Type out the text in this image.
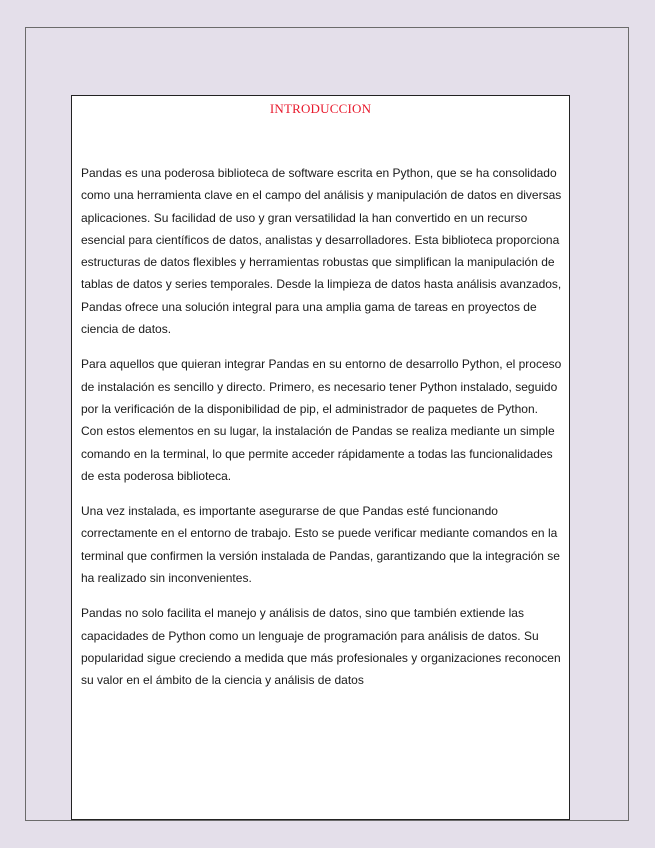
INTRODUCCION

Pandas es una poderosa biblioteca de software escrita en Python, que se ha consolidado como una herramienta clave en el campo del análisis y manipulación de datos en diversas aplicaciones. Su facilidad de uso y gran versatilidad la han convertido en un recurso esencial para científicos de datos, analistas y desarrolladores. Esta biblioteca proporciona estructuras de datos flexibles y herramientas robustas que simplifican la manipulación de tablas de datos y series temporales. Desde la limpieza de datos hasta análisis avanzados, Pandas ofrece una solución integral para una amplia gama de tareas en proyectos de ciencia de datos.

Para aquellos que quieran integrar Pandas en su entorno de desarrollo Python, el proceso de instalación es sencillo y directo. Primero, es necesario tener Python instalado, seguido por la verificación de la disponibilidad de pip, el administrador de paquetes de Python. Con estos elementos en su lugar, la instalación de Pandas se realiza mediante un simple comando en la terminal, lo que permite acceder rápidamente a todas las funcionalidades de esta poderosa biblioteca.

Una vez instalada, es importante asegurarse de que Pandas esté funcionando correctamente en el entorno de trabajo. Esto se puede verificar mediante comandos en la terminal que confirmen la versión instalada de Pandas, garantizando que la integración se ha realizado sin inconvenientes.

Pandas no solo facilita el manejo y análisis de datos, sino que también extiende las capacidades de Python como un lenguaje de programación para análisis de datos. Su popularidad sigue creciendo a medida que más profesionales y organizaciones reconocen su valor en el ámbito de la ciencia y análisis de datos
